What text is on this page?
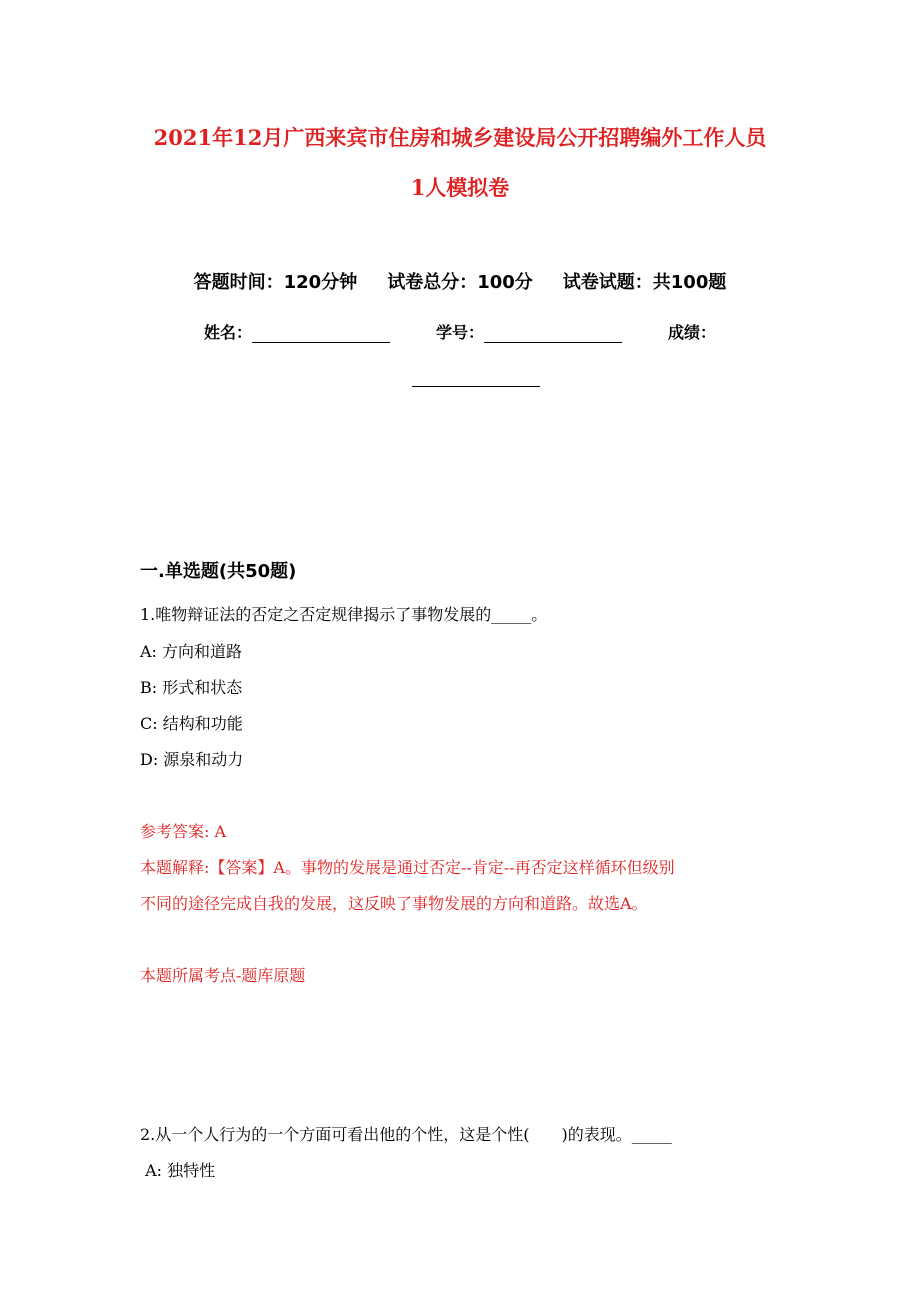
2021年12月广西来宾市住房和城乡建设局公开招聘编外工作人员
1人模拟卷
答题时间：120分钟 试卷总分：100分 试卷试题：共100题
姓名：	学号：	成绩：
一.单选题(共50题)
1.唯物辩证法的否定之否定规律揭示了事物发展的_____。
A: 方向和道路
B: 形式和状态
C: 结构和功能
D: 源泉和动力
参考答案: A
本题解释:【答案】A。事物的发展是通过否定--肯定--再否定这样循环但级别
不同的途径完成自我的发展，这反映了事物发展的方向和道路。故选A。
本题所属考点-题库原题
2.从一个人行为的一个方面可看出他的个性，这是个性(　　)的表现。_____
A: 独特性
